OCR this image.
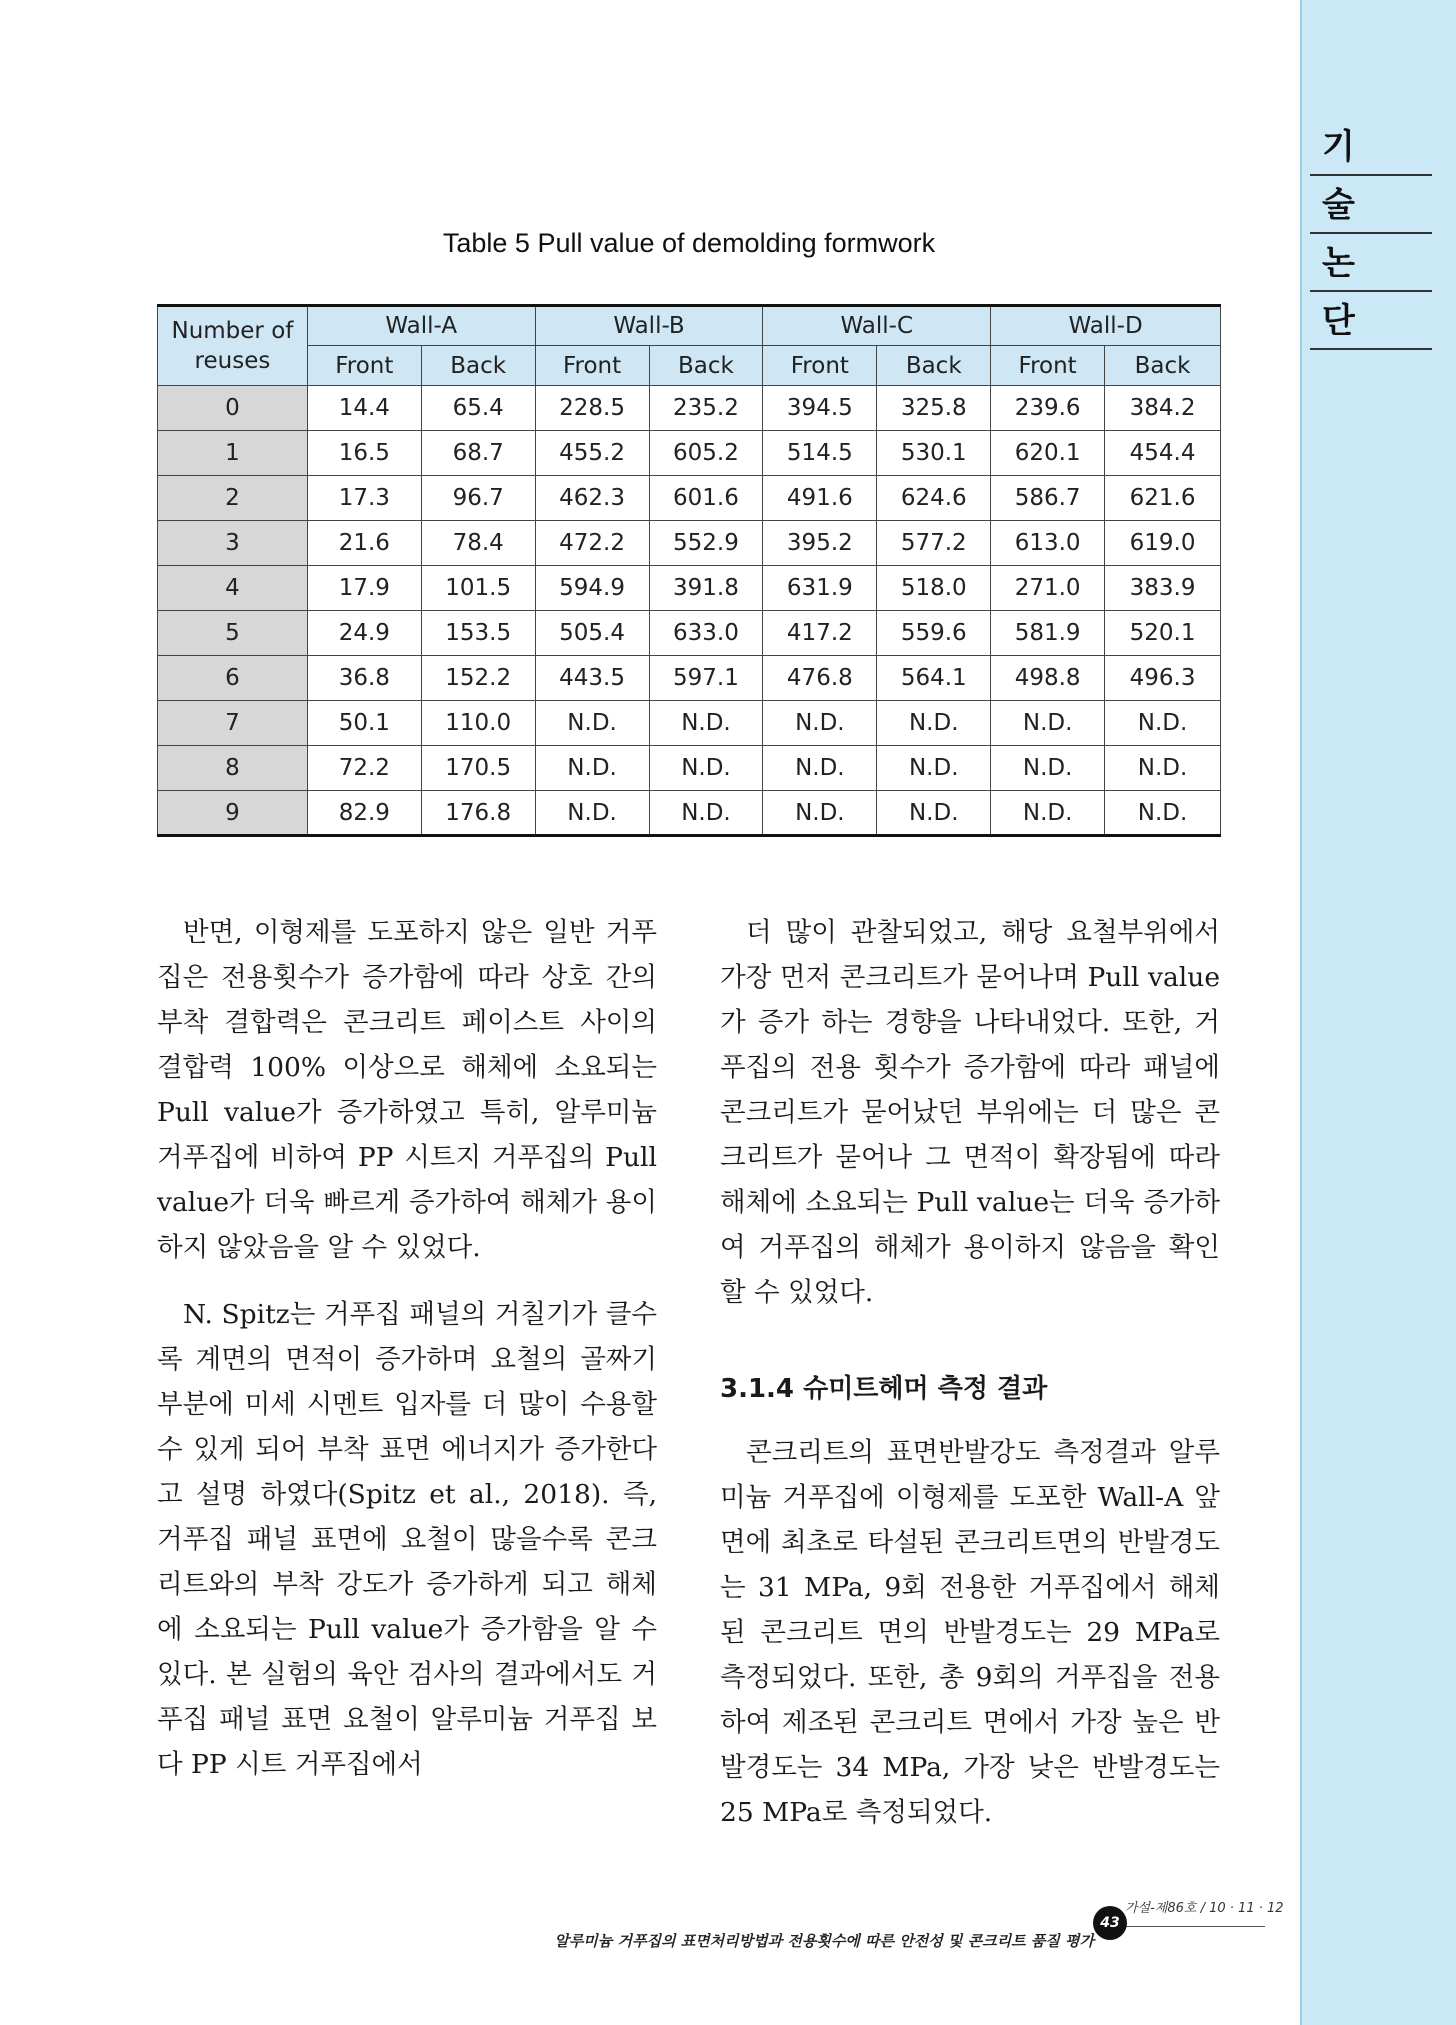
기
술
논
단
Table 5 Pull value of demolding formwork
Number of reuses	Wall-A		Wall-B		Wall-C		Wall-D	
	Front	Back	Front	Back	Front	Back	Front	Back
0	14.4	65.4	228.5	235.2	394.5	325.8	239.6	384.2
1	16.5	68.7	455.2	605.2	514.5	530.1	620.1	454.4
2	17.3	96.7	462.3	601.6	491.6	624.6	586.7	621.6
3	21.6	78.4	472.2	552.9	395.2	577.2	613.0	619.0
4	17.9	101.5	594.9	391.8	631.9	518.0	271.0	383.9
5	24.9	153.5	505.4	633.0	417.2	559.6	581.9	520.1
6	36.8	152.2	443.5	597.1	476.8	564.1	498.8	496.3
7	50.1	110.0	N.D.	N.D.	N.D.	N.D.	N.D.	N.D.
8	72.2	170.5	N.D.	N.D.	N.D.	N.D.	N.D.	N.D.
9	82.9	176.8	N.D.	N.D.	N.D.	N.D.	N.D.	N.D.

반면, 이형제를 도포하지 않은 일반 거푸집은 전용횟수가 증가함에 따라 상호 간의 부착 결합력은 콘크리트 페이스트 사이의 결합력 100% 이상으로 해체에 소요되는 Pull value가 증가하였고 특히, 알루미늄 거푸집에 비하여 PP 시트지 거푸집의 Pull value가 더욱 빠르게 증가하여 해체가 용이하지 않았음을 알 수 있었다.

N. Spitz는 거푸집 패널의 거칠기가 클수록 계면의 면적이 증가하며 요철의 골짜기 부분에 미세 시멘트 입자를 더 많이 수용할 수 있게 되어 부착 표면 에너지가 증가한다고 설명 하였다(Spitz et al., 2018). 즉, 거푸집 패널 표면에 요철이 많을수록 콘크리트와의 부착 강도가 증가하게 되고 해체에 소요되는 Pull value가 증가함을 알 수 있다. 본 실험의 육안 검사의 결과에서도 거푸집 패널 표면 요철이 알루미늄 거푸집 보다 PP 시트 거푸집에서

더 많이 관찰되었고, 해당 요철부위에서 가장 먼저 콘크리트가 묻어나며 Pull value가 증가 하는 경향을 나타내었다. 또한, 거푸집의 전용 횟수가 증가함에 따라 패널에 콘크리트가 묻어났던 부위에는 더 많은 콘크리트가 묻어나 그 면적이 확장됨에 따라 해체에 소요되는 Pull value는 더욱 증가하여 거푸집의 해체가 용이하지 않음을 확인 할 수 있었다.

3.1.4 슈미트헤머 측정 결과

콘크리트의 표면반발강도 측정결과 알루미늄 거푸집에 이형제를 도포한 Wall-A 앞면에 최초로 타설된 콘크리트면의 반발경도는 31 MPa, 9회 전용한 거푸집에서 해체된 콘크리트 면의 반발경도는 29 MPa로 측정되었다. 또한, 총 9회의 거푸집을 전용하여 제조된 콘크리트 면에서 가장 높은 반발경도는 34 MPa, 가장 낮은 반발경도는 25 MPa로 측정되었다.

가설-제86호 / 10 · 11 · 12
43
알루미늄 거푸집의 표면처리방법과 전용횟수에 따른 안전성 및 콘크리트 품질 평가
